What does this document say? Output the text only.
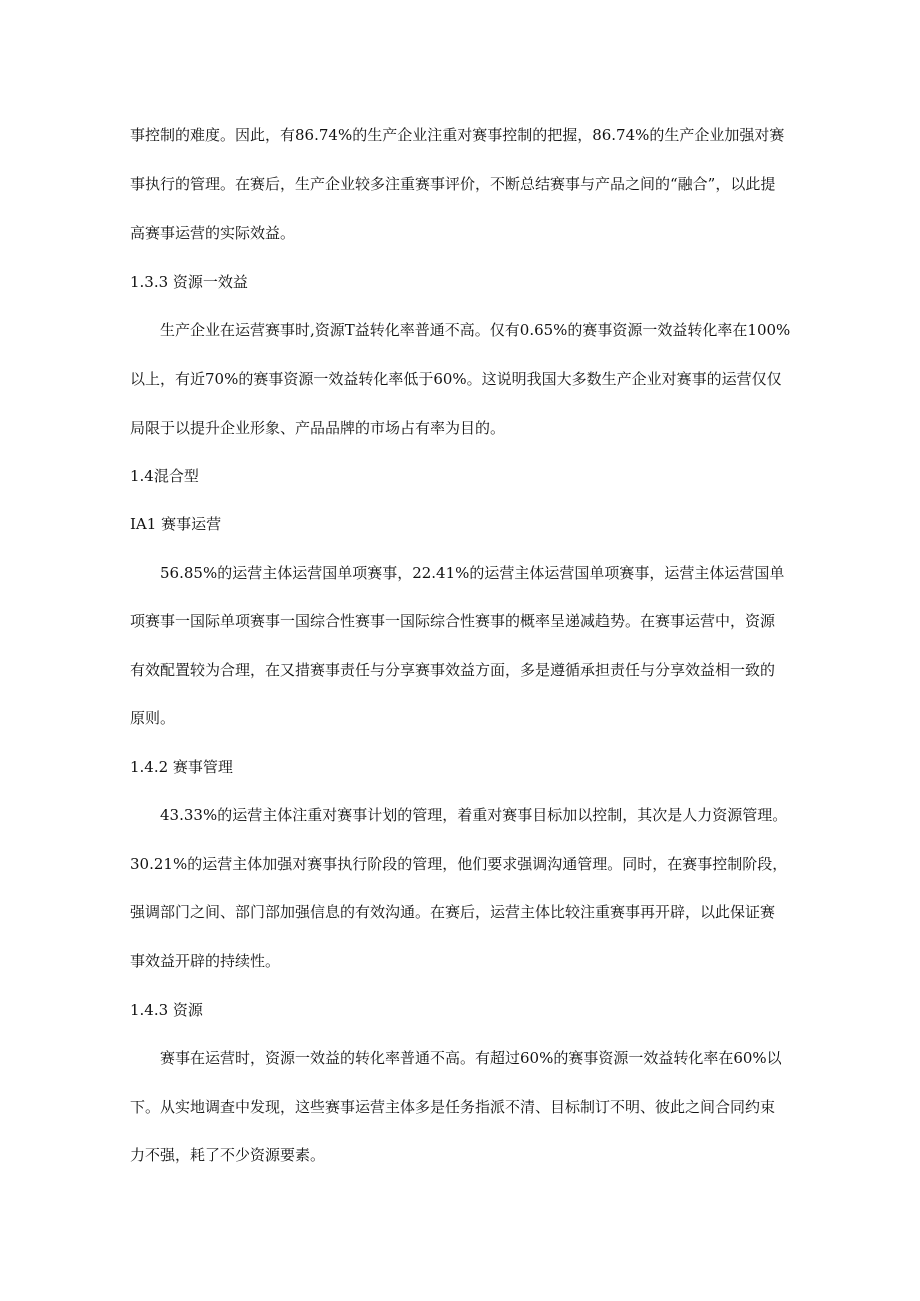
事控制的难度。因此，有86.74%的生产企业注重对赛事控制的把握，86.74%的生产企业加强对赛
事执行的管理。在赛后，生产企业较多注重赛事评价，不断总结赛事与产品之间的“融合”，以此提
高赛事运营的实际效益。
1.3.3 资源一效益
生产企业在运营赛事时,资源T益转化率普通不高。仅有0.65%的赛事资源一效益转化率在100%
以上，有近70%的赛事资源一效益转化率低于60%。这说明我国大多数生产企业对赛事的运营仅仅
局限于以提升企业形象、产品品牌的市场占有率为目的。
1.4混合型
IA1 赛事运营
56.85%的运营主体运营国单项赛事，22.41%的运营主体运营国单项赛事，运营主体运营国单
项赛事一国际单项赛事一国综合性赛事一国际综合性赛事的概率呈递减趋势。在赛事运营中，资源
有效配置较为合理，在又措赛事责任与分享赛事效益方面，多是遵循承担责任与分享效益相一致的
原则。
1.4.2 赛事管理
43.33%的运营主体注重对赛事计划的管理，着重对赛事目标加以控制，其次是人力资源管理。
30.21%的运营主体加强对赛事执行阶段的管理，他们要求强调沟通管理。同时，在赛事控制阶段，
强调部门之间、部门部加强信息的有效沟通。在赛后，运营主体比较注重赛事再开辟，以此保证赛
事效益开辟的持续性。
1.4.3 资源
赛事在运营时，资源一效益的转化率普通不高。有超过60%的赛事资源一效益转化率在60%以
下。从实地调查中发现，这些赛事运营主体多是任务指派不清、目标制订不明、彼此之间合同约束
力不强，耗了不少资源要素。
